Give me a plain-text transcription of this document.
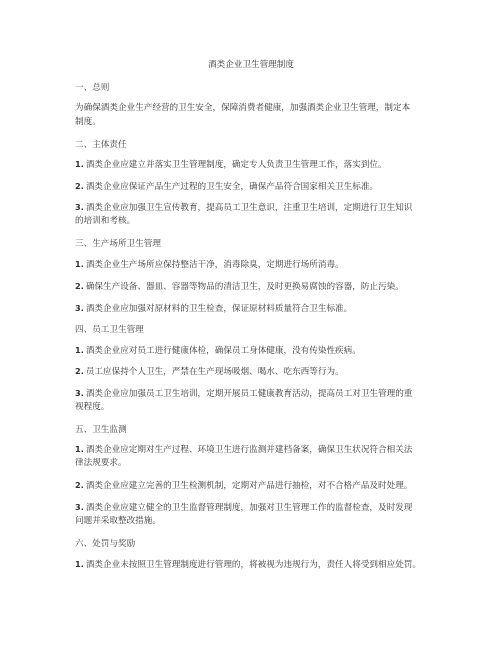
酒类企业卫生管理制度
一、总则
为确保酒类企业生产经营的卫生安全，保障消费者健康，加强酒类企业卫生管理，制定本
制度。
二、主体责任
1. 酒类企业应建立并落实卫生管理制度，确定专人负责卫生管理工作，落实到位。
2. 酒类企业应保证产品生产过程的卫生安全，确保产品符合国家相关卫生标准。
3. 酒类企业应加强卫生宣传教育，提高员工卫生意识，注重卫生培训，定期进行卫生知识
的培训和考核。
三、生产场所卫生管理
1. 酒类企业生产场所应保持整洁干净，消毒除臭，定期进行场所消毒。
2. 确保生产设备、器皿、容器等物品的清洁卫生，及时更换易腐蚀的容器，防止污染。
3. 酒类企业应加强对原材料的卫生检查，保证原材料质量符合卫生标准。
四、员工卫生管理
1. 酒类企业应对员工进行健康体检，确保员工身体健康，没有传染性疾病。
2. 员工应保持个人卫生，严禁在生产现场吸烟、喝水、吃东西等行为。
3. 酒类企业应加强员工卫生培训，定期开展员工健康教育活动，提高员工对卫生管理的重
视程度。
五、卫生监测
1. 酒类企业应定期对生产过程、环境卫生进行监测并建档备案，确保卫生状况符合相关法
律法规要求。
2. 酒类企业应建立完善的卫生检测机制，定期对产品进行抽检，对不合格产品及时处理。
3. 酒类企业应建立健全的卫生监督管理制度，加强对卫生管理工作的监督检查，及时发现
问题并采取整改措施。
六、处罚与奖励
1. 酒类企业未按照卫生管理制度进行管理的，将被视为违规行为，责任人将受到相应处罚。
